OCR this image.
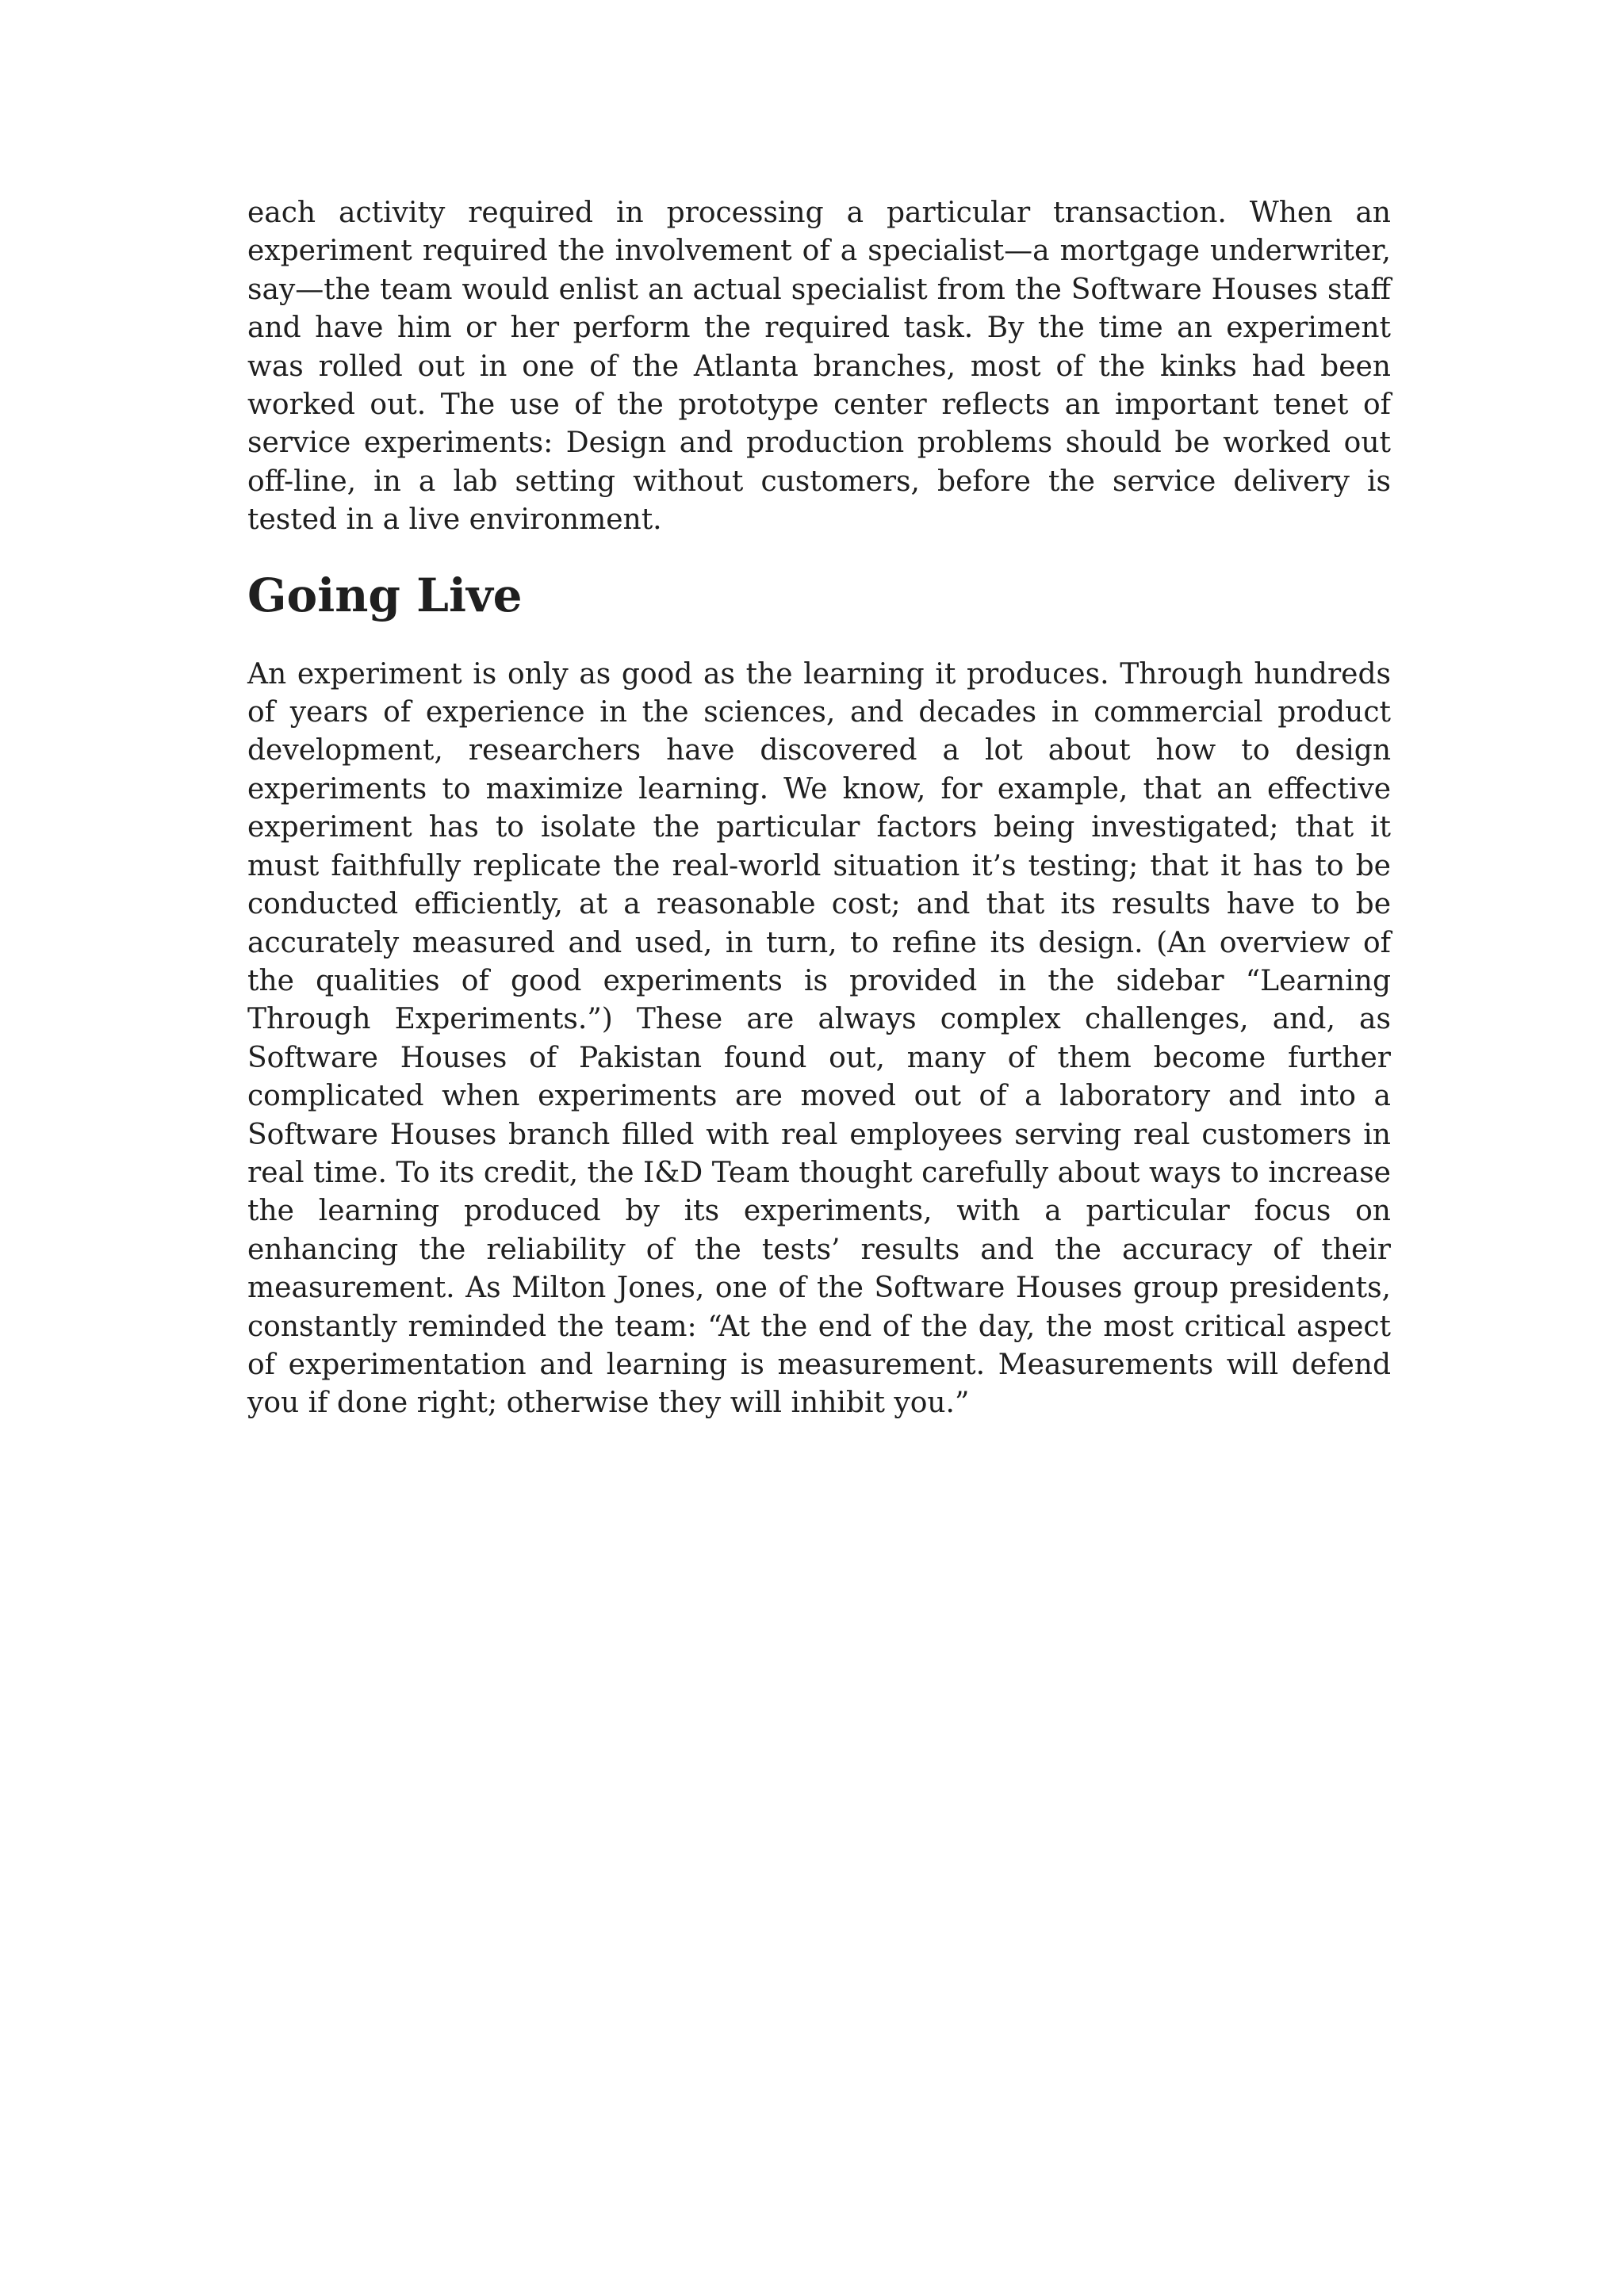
each activity required in processing a particular transaction. When an experiment required the involvement of a specialist—a mortgage underwriter, say—the team would enlist an actual specialist from the Software Houses staff and have him or her perform the required task. By the time an experiment was rolled out in one of the Atlanta branches, most of the kinks had been worked out. The use of the prototype center reflects an important tenet of service experiments: Design and production problems should be worked out off-line, in a lab setting without customers, before the service delivery is tested in a live environment.

Going Live

An experiment is only as good as the learning it produces. Through hundreds of years of experience in the sciences, and decades in commercial product development, researchers have discovered a lot about how to design experiments to maximize learning. We know, for example, that an effective experiment has to isolate the particular factors being investigated; that it must faithfully replicate the real-world situation it’s testing; that it has to be conducted efficiently, at a reasonable cost; and that its results have to be accurately measured and used, in turn, to refine its design. (An overview of the qualities of good experiments is provided in the sidebar “Learning Through Experiments.”) These are always complex challenges, and, as Software Houses of Pakistan found out, many of them become further complicated when experiments are moved out of a laboratory and into a Software Houses branch filled with real employees serving real customers in real time. To its credit, the I&D Team thought carefully about ways to increase the learning produced by its experiments, with a particular focus on enhancing the reliability of the tests’ results and the accuracy of their measurement. As Milton Jones, one of the Software Houses group presidents, constantly reminded the team: “At the end of the day, the most critical aspect of experimentation and learning is measurement. Measurements will defend you if done right; otherwise they will inhibit you.”
